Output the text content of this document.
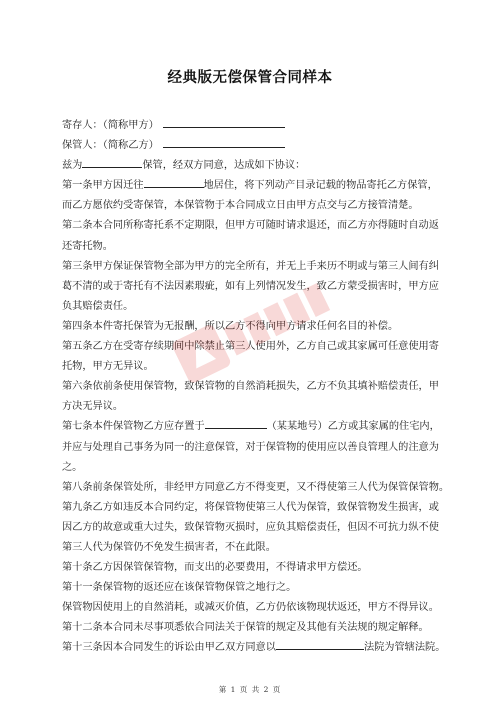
经典版无偿保管合同样本
寄存人：（简称甲方）
保管人：（简称乙方）
兹为	保管，经双方同意，达成如下协议：
第一条甲方因迁往	地居住，将下列动产目录记载的物品寄托乙方保管，
而乙方愿依约受寄保管，本保管物于本合同成立日由甲方点交与乙方接管清楚。
第二条本合同所称寄托系不定期限，但甲方可随时请求退还，而乙方亦得随时自动返
还寄托物。
第三条甲方保证保管物全部为甲方的完全所有，并无上手来历不明或与第三人间有纠
葛不清的或于寄托有不法因素瑕疵，如有上列情况发生，致乙方蒙受损害时，甲方应
负其赔偿责任。
第四条本件寄托保管为无报酬，所以乙方不得向甲方请求任何名目的补偿。
第五条乙方在受寄存续期间中除禁止第三人使用外，乙方自己或其家属可任意使用寄
托物，甲方无异议。
第六条依前条使用保管物，致保管物的自然消耗损失，乙方不负其填补赔偿责任，甲
方决无异议。
第七条本件保管物乙方应存置于	（某某地号）乙方或其家属的住宅内，
并应与处理自己事务为同一的注意保管，对于保管物的使用应以善良管理人的注意为
之。
第八条前条保管处所，非经甲方同意乙方不得变更，又不得使第三人代为保管保管物。
第九条乙方如违反本合同约定，将保管物使第三人代为保管，致保管物发生损害，或
因乙方的故意或重大过失，致保管物灭损时，应负其赔偿责任，但因不可抗力纵不使
第三人代为保管仍不免发生损害者，不在此限。
第十条乙方因保管保管物，而支出的必要费用，不得请求甲方偿还。
第十一条保管物的返还应在该保管物保管之地行之。
保管物因使用上的自然消耗，或减灭价值，乙方仍依该物现状返还，甲方不得异议。
第十二条本合同未尽事项悉依合同法关于保管的规定及其他有关法规的规定解释。
第十三条因本合同发生的诉讼由甲乙双方同意以	法院为管辖法院。
第 1 页 共 2 页
